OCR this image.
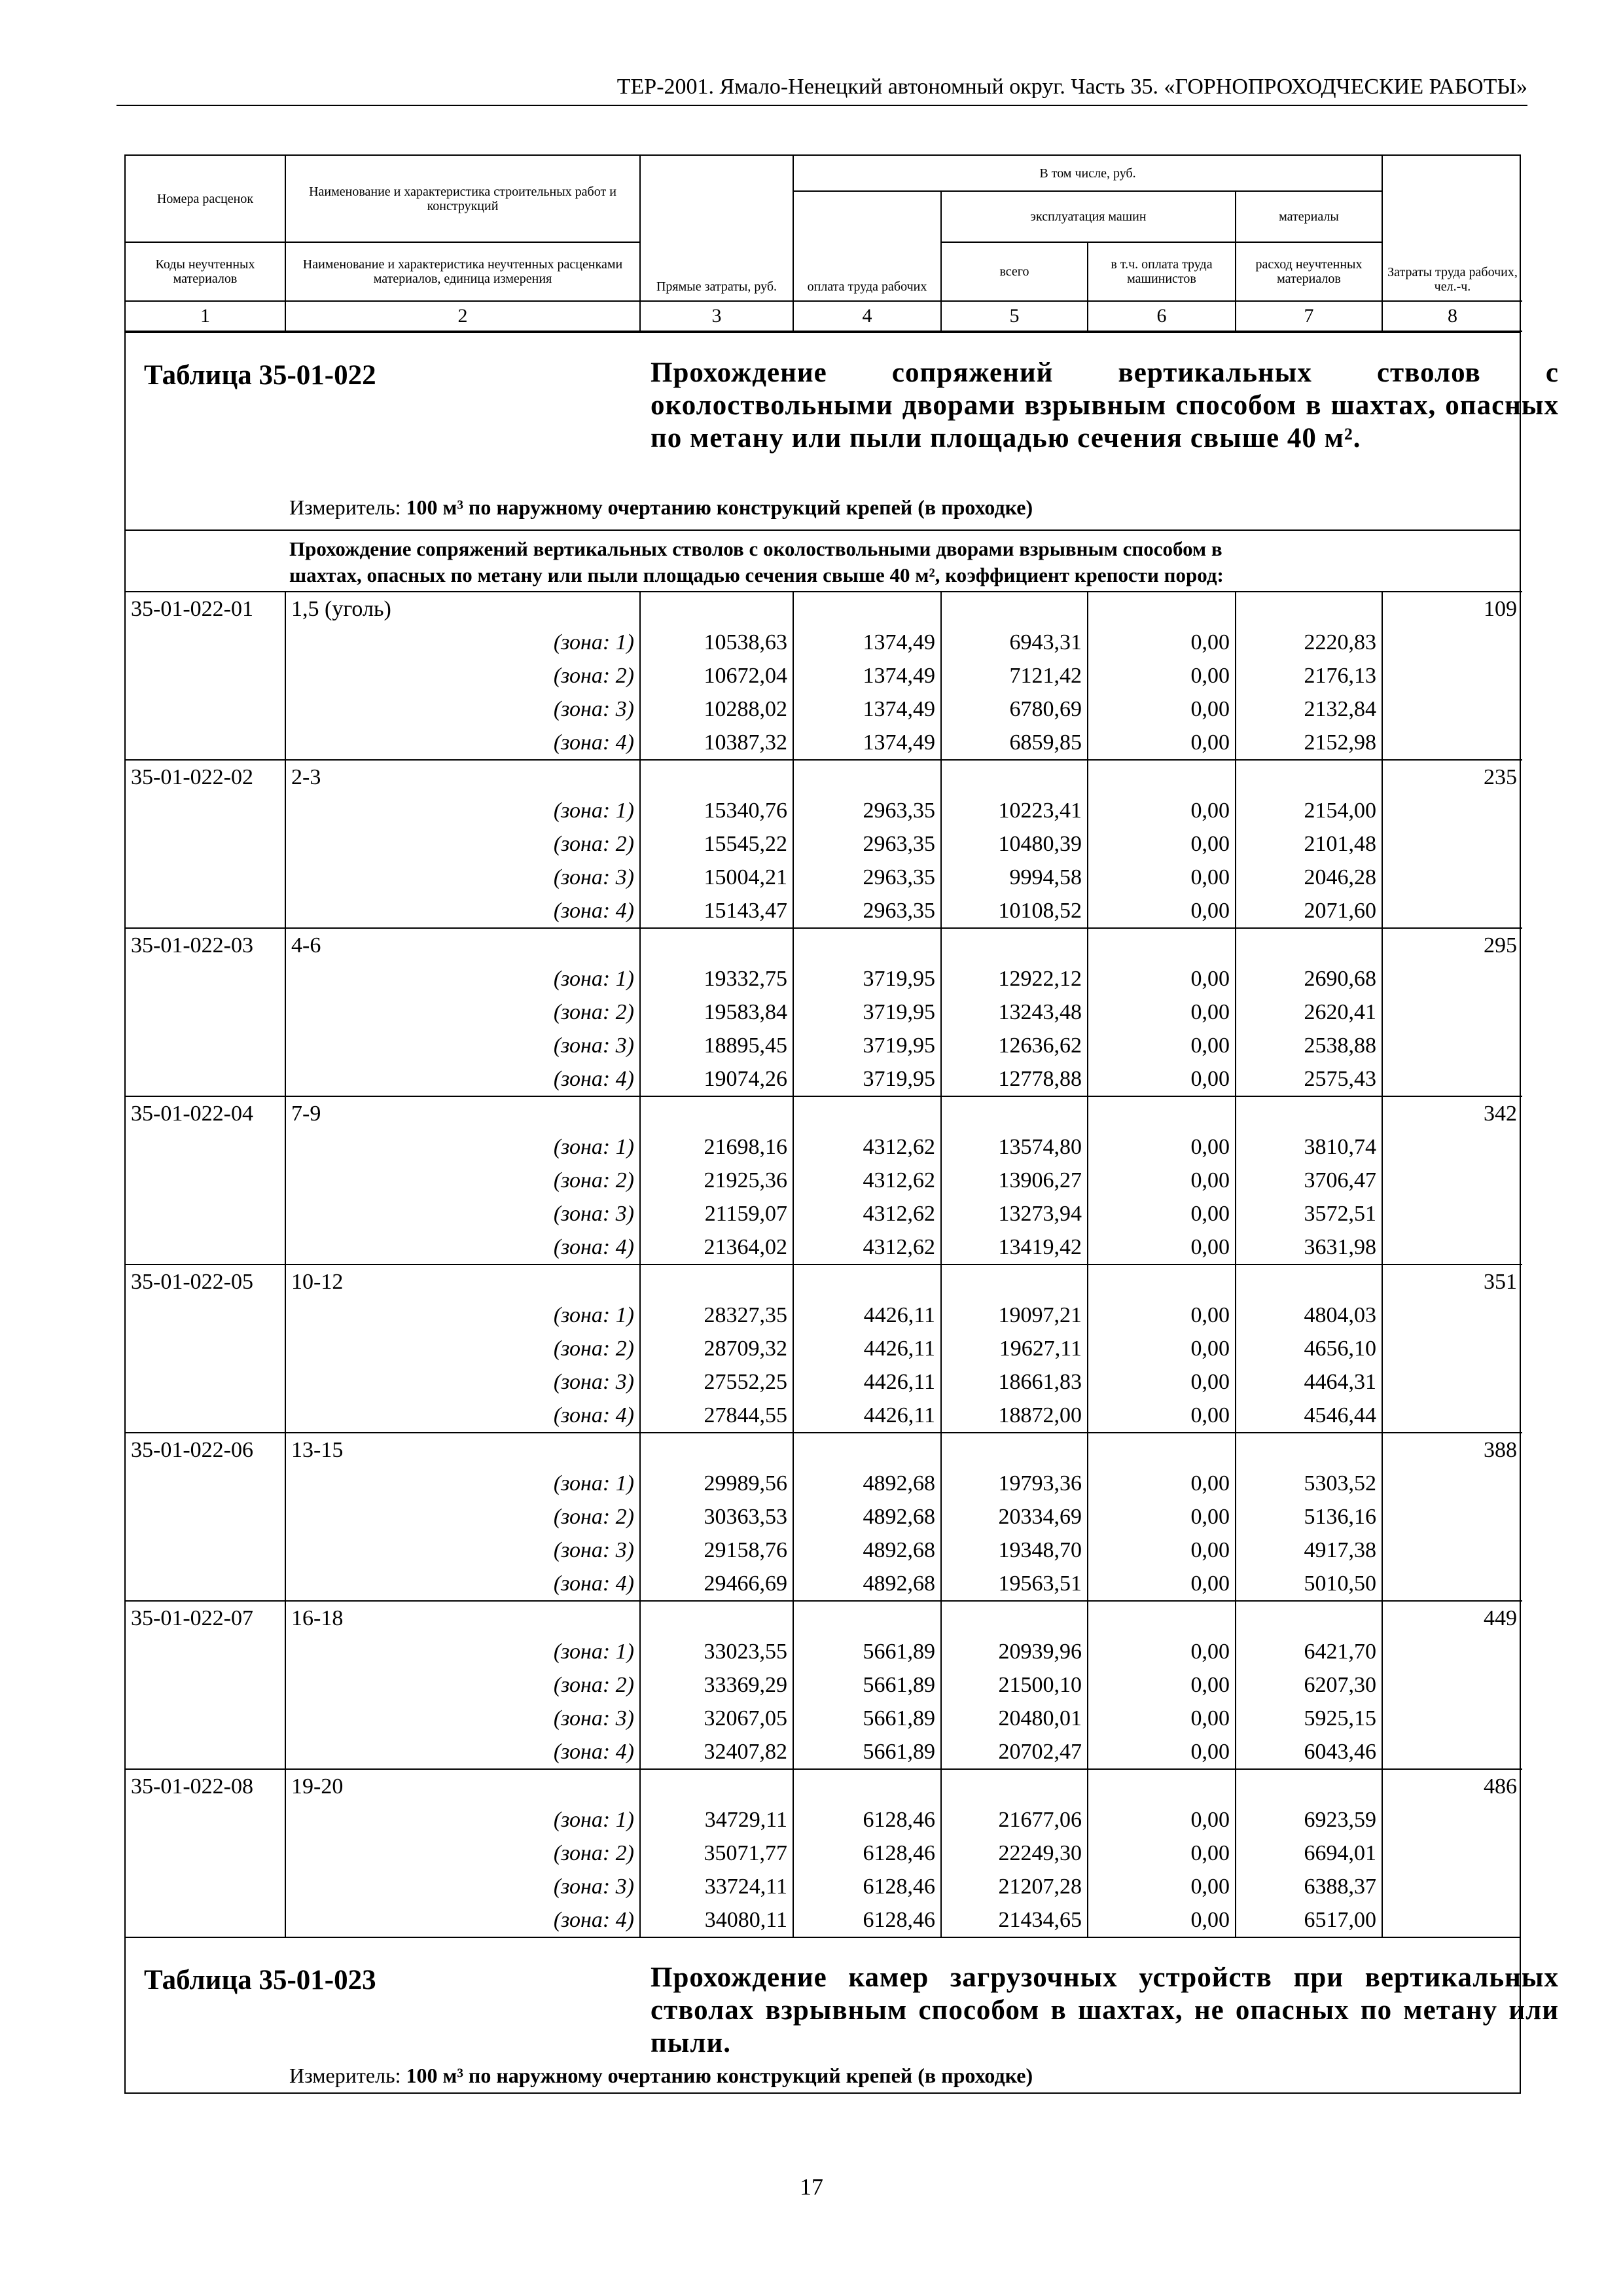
ТЕР-2001. Ямало-Ненецкий автономный округ. Часть 35. «ГОРНОПРОХОДЧЕСКИЕ РАБОТЫ»
Номера расценок	Наименование и характеристика строительных работ и конструкций	Прямые затраты, руб.	В том числе, руб.				Затраты труда рабочих, чел.-ч.
			оплата труда рабочих	эксплуатация машин		материалы	

Коды неучтенных материалов	Наименование и характеристика неучтенных расценками материалов, единица измерения			всего	в т.ч. оплата труда машинистов	расход неучтенных материалов	

1	2	3	4	5	6	7	8
Таблица 35-01-022	Прохождение сопряжений вертикальных стволов с околоствольными дворами взрывным способом в шахтах, опасных по метану или пыли площадью сечения свыше 40 м².
Измеритель: 100 м³ по наружному очертанию конструкций крепей (в проходке)
Прохождение сопряжений вертикальных стволов с околоствольными дворами взрывным способом в
шахтах, опасных по метану или пыли площадью сечения свыше 40 м², коэффициент крепости пород:
35-01-022-01	1,5 (уголь)						109
	(зона: 1)	10538,63	1374,49	6943,31	0,00	2220,83	
	(зона: 2)	10672,04	1374,49	7121,42	0,00	2176,13	
	(зона: 3)	10288,02	1374,49	6780,69	0,00	2132,84	
	(зона: 4)	10387,32	1374,49	6859,85	0,00	2152,98	
35-01-022-02	2-3						235
	(зона: 1)	15340,76	2963,35	10223,41	0,00	2154,00	
	(зона: 2)	15545,22	2963,35	10480,39	0,00	2101,48	
	(зона: 3)	15004,21	2963,35	9994,58	0,00	2046,28	
	(зона: 4)	15143,47	2963,35	10108,52	0,00	2071,60	
35-01-022-03	4-6						295
	(зона: 1)	19332,75	3719,95	12922,12	0,00	2690,68	
	(зона: 2)	19583,84	3719,95	13243,48	0,00	2620,41	
	(зона: 3)	18895,45	3719,95	12636,62	0,00	2538,88	
	(зона: 4)	19074,26	3719,95	12778,88	0,00	2575,43	
35-01-022-04	7-9						342
	(зона: 1)	21698,16	4312,62	13574,80	0,00	3810,74	
	(зона: 2)	21925,36	4312,62	13906,27	0,00	3706,47	
	(зона: 3)	21159,07	4312,62	13273,94	0,00	3572,51	
	(зона: 4)	21364,02	4312,62	13419,42	0,00	3631,98	
35-01-022-05	10-12						351
	(зона: 1)	28327,35	4426,11	19097,21	0,00	4804,03	
	(зона: 2)	28709,32	4426,11	19627,11	0,00	4656,10	
	(зона: 3)	27552,25	4426,11	18661,83	0,00	4464,31	
	(зона: 4)	27844,55	4426,11	18872,00	0,00	4546,44	
35-01-022-06	13-15						388
	(зона: 1)	29989,56	4892,68	19793,36	0,00	5303,52	
	(зона: 2)	30363,53	4892,68	20334,69	0,00	5136,16	
	(зона: 3)	29158,76	4892,68	19348,70	0,00	4917,38	
	(зона: 4)	29466,69	4892,68	19563,51	0,00	5010,50	
35-01-022-07	16-18						449
	(зона: 1)	33023,55	5661,89	20939,96	0,00	6421,70	
	(зона: 2)	33369,29	5661,89	21500,10	0,00	6207,30	
	(зона: 3)	32067,05	5661,89	20480,01	0,00	5925,15	
	(зона: 4)	32407,82	5661,89	20702,47	0,00	6043,46	
35-01-022-08	19-20						486
	(зона: 1)	34729,11	6128,46	21677,06	0,00	6923,59	
	(зона: 2)	35071,77	6128,46	22249,30	0,00	6694,01	
	(зона: 3)	33724,11	6128,46	21207,28	0,00	6388,37	
	(зона: 4)	34080,11	6128,46	21434,65	0,00	6517,00	
Таблица 35-01-023	Прохождение камер загрузочных устройств при вертикальных стволах взрывным способом в шахтах, не опасных по метану или пыли.
Измеритель: 100 м³ по наружному очертанию конструкций крепей (в проходке)
17
